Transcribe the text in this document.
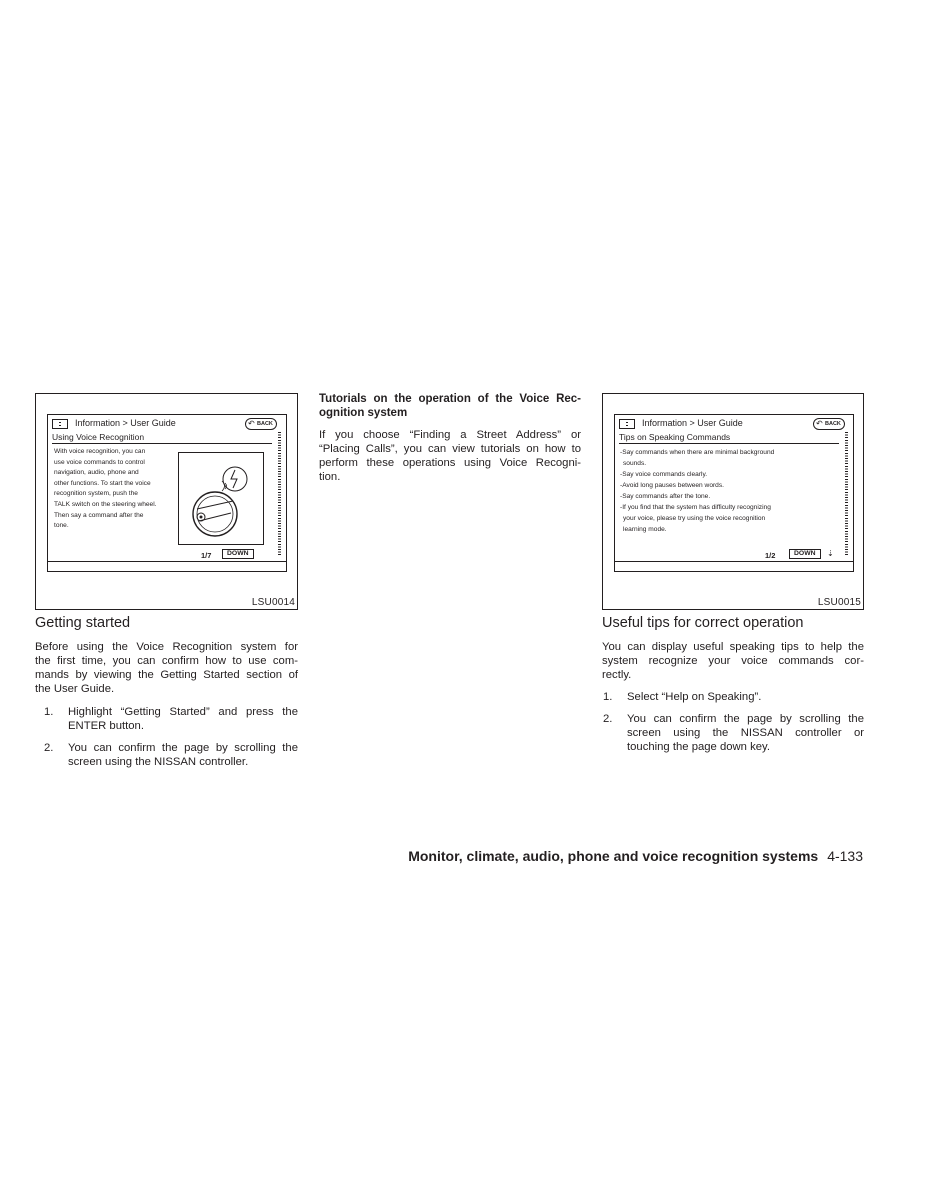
Information > User Guide	↶ BACK
Using Voice Recognition
With voice recognition, you can
use voice commands to control
navigation, audio, phone and
other functions. To start the voice
recognition system, push the
TALK switch on the steering wheel.
Then say a command after the
tone.
1/7	DOWN
LSU0014
Getting started
Before using the Voice Recognition system for
the first time, you can confirm how to use com-
mands by viewing the Getting Started section of
the User Guide.
1. Highlight “Getting Started” and press the
ENTER button.
2. You can confirm the page by scrolling the
screen using the NISSAN controller.
Tutorials on the operation of the Voice Rec-
ognition system
If you choose “Finding a Street Address” or
“Placing Calls”, you can view tutorials on how to
perform these operations using Voice Recogni-
tion.
Information > User Guide	↶ BACK
Tips on Speaking Commands
-Say commands when there are minimal background
sounds.
-Say voice commands clearly.
-Avoid long pauses between words.
-Say commands after the tone.
-If you find that the system has difficulty recognizing
your voice, please try using the voice recognition
learning mode.
1/2	DOWN	⇣
LSU0015
Useful tips for correct operation
You can display useful speaking tips to help the
system recognize your voice commands cor-
rectly.
1. Select “Help on Speaking”.
2. You can confirm the page by scrolling the
screen using the NISSAN controller or
touching the page down key.
Monitor, climate, audio, phone and voice recognition systems 4-133
